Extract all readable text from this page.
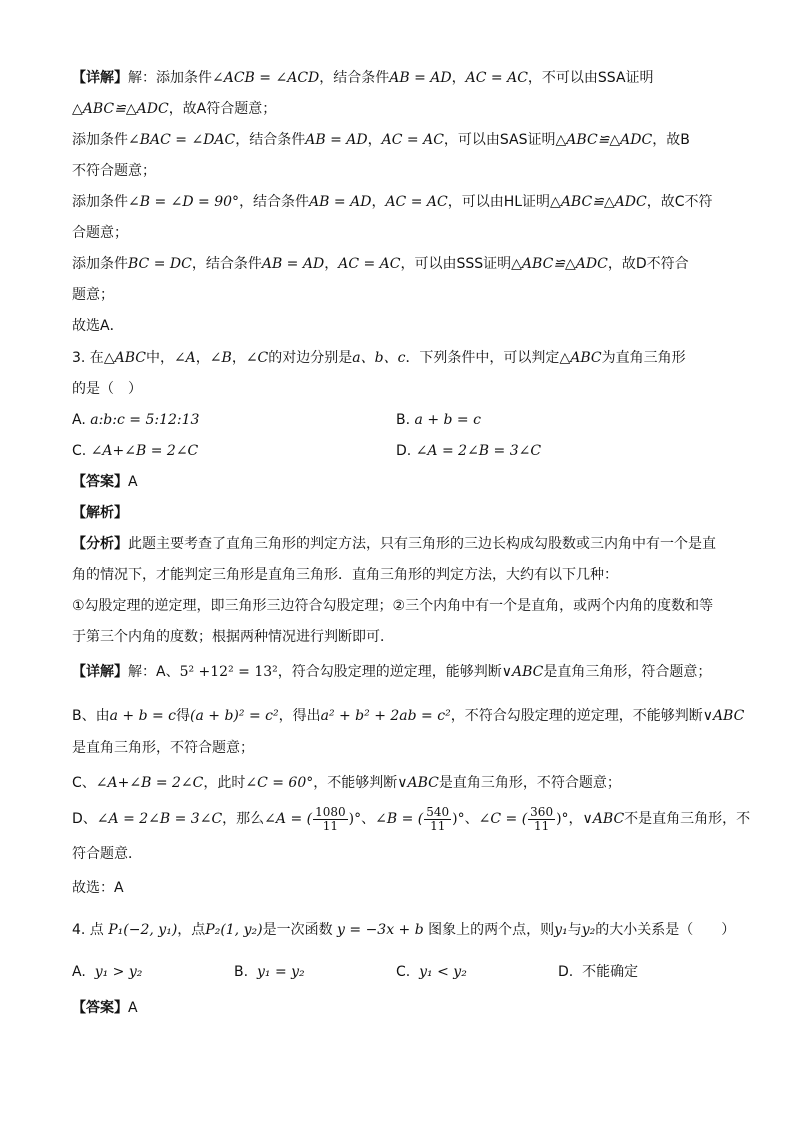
【详解】解：添加条件∠ACB = ∠ACD，结合条件AB = AD，AC = AC，不可以由SSA证明
△ABC≌△ADC，故A符合题意；
添加条件∠BAC = ∠DAC，结合条件AB = AD，AC = AC，可以由SAS证明△ABC≌△ADC，故B
不符合题意；
添加条件∠B = ∠D = 90°，结合条件AB = AD，AC = AC，可以由HL证明△ABC≌△ADC，故C不符
合题意；
添加条件BC = DC，结合条件AB = AD，AC = AC，可以由SSS证明△ABC≌△ADC，故D不符合
题意；
故选A．
3. 在△ABC中，∠A，∠B，∠C的对边分别是a、b、c．下列条件中，可以判定△ABC为直角三角形
的是（　）
A. a:b:c = 5:12:13	B. a + b = c
C. ∠A+∠B = 2∠C	D. ∠A = 2∠B = 3∠C
【答案】A
【解析】
【分析】此题主要考查了直角三角形的判定方法，只有三角形的三边长构成勾股数或三内角中有一个是直
角的情况下，才能判定三角形是直角三角形．直角三角形的判定方法，大约有以下几种：
①勾股定理的逆定理，即三角形三边符合勾股定理；②三个内角中有一个是直角，或两个内角的度数和等
于第三个内角的度数；根据两种情况进行判断即可．
【详解】解：A、5² +12² = 13²，符合勾股定理的逆定理，能够判断∨ABC是直角三角形，符合题意；
B、由a + b = c得(a + b)² = c²，得出a² + b² + 2ab = c²，不符合勾股定理的逆定理，不能够判断∨ABC
是直角三角形，不符合题意；
C、∠A+∠B = 2∠C，此时∠C = 60°，不能够判断∨ABC是直角三角形，不符合题意；
D、∠A = 2∠B = 3∠C，那么∠A = ( $\frac{1080}{11}$ )°、∠B = ( $\frac{540}{11}$ )°、∠C = ( $\frac{360}{11}$ )°，∨ABC不是直角三角形，不
符合题意．
故选：A
4. 点 P₁(−2, y₁)，点P₂(1, y₂)是一次函数 y = −3x + b 图象上的两个点，则y₁与y₂的大小关系是（　　）
A. y₁ > y₂	B. y₁ = y₂	C. y₁ < y₂	D. 不能确定
【答案】A
